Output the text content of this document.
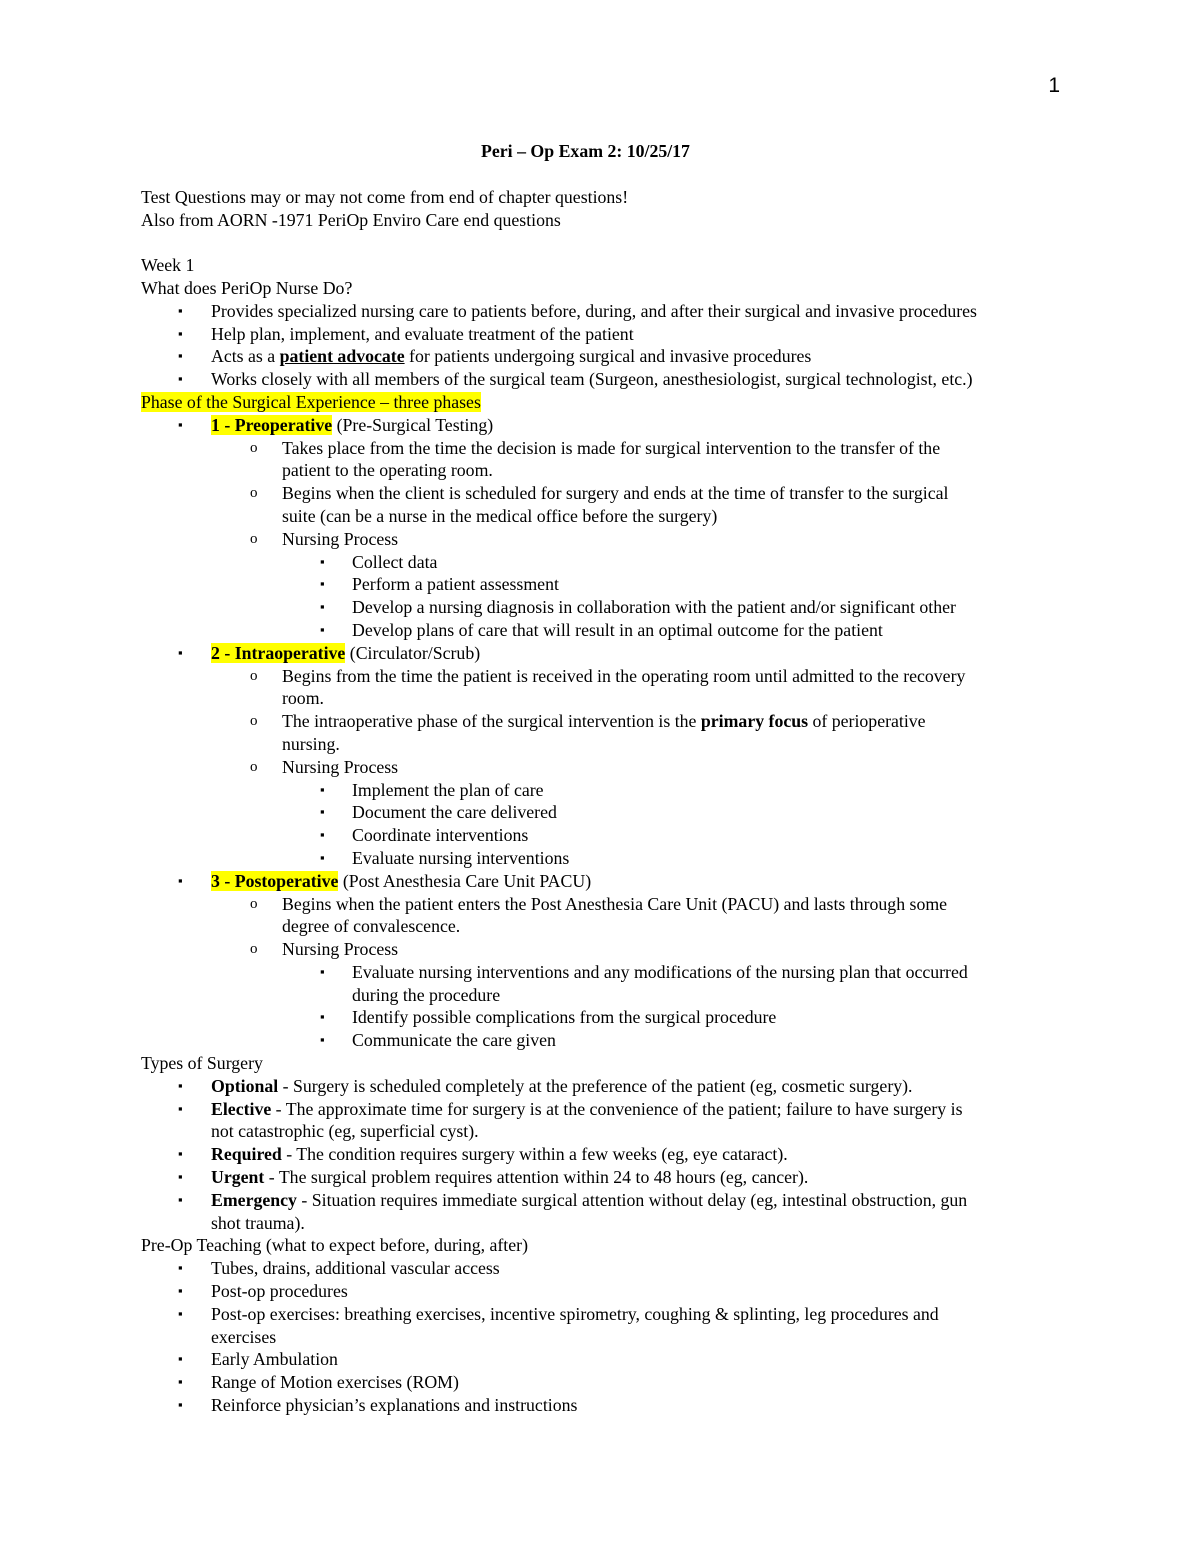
1
Peri – Op Exam 2: 10/25/17
Test Questions may or may not come from end of chapter questions!
Also from AORN -1971 PeriOp Enviro Care end questions
Week 1
What does PeriOp Nurse Do?
▪ Provides specialized nursing care to patients before, during, and after their surgical and invasive procedures
▪ Help plan, implement, and evaluate treatment of the patient
▪ Acts as a patient advocate for patients undergoing surgical and invasive procedures
▪ Works closely with all members of the surgical team (Surgeon, anesthesiologist, surgical technologist, etc.)
Phase of the Surgical Experience – three phases
▪ 1 - Preoperative (Pre-Surgical Testing)
o Takes place from the time the decision is made for surgical intervention to the transfer of the
patient to the operating room.
o Begins when the client is scheduled for surgery and ends at the time of transfer to the surgical
suite (can be a nurse in the medical office before the surgery)
o Nursing Process
▪ Collect data
▪ Perform a patient assessment
▪ Develop a nursing diagnosis in collaboration with the patient and/or significant other
▪ Develop plans of care that will result in an optimal outcome for the patient
▪ 2 - Intraoperative (Circulator/Scrub)
o Begins from the time the patient is received in the operating room until admitted to the recovery
room.
o The intraoperative phase of the surgical intervention is the primary focus of perioperative
nursing.
o Nursing Process
▪ Implement the plan of care
▪ Document the care delivered
▪ Coordinate interventions
▪ Evaluate nursing interventions
▪ 3 - Postoperative (Post Anesthesia Care Unit PACU)
o Begins when the patient enters the Post Anesthesia Care Unit (PACU) and lasts through some
degree of convalescence.
o Nursing Process
▪ Evaluate nursing interventions and any modifications of the nursing plan that occurred
during the procedure
▪ Identify possible complications from the surgical procedure
▪ Communicate the care given
Types of Surgery
▪ Optional - Surgery is scheduled completely at the preference of the patient (eg, cosmetic surgery).
▪ Elective - The approximate time for surgery is at the convenience of the patient; failure to have surgery is
not catastrophic (eg, superficial cyst).
▪ Required - The condition requires surgery within a few weeks (eg, eye cataract).
▪ Urgent - The surgical problem requires attention within 24 to 48 hours (eg, cancer).
▪ Emergency - Situation requires immediate surgical attention without delay (eg, intestinal obstruction, gun
shot trauma).
Pre-Op Teaching (what to expect before, during, after)
▪ Tubes, drains, additional vascular access
▪ Post-op procedures
▪ Post-op exercises: breathing exercises, incentive spirometry, coughing & splinting, leg procedures and
exercises
▪ Early Ambulation
▪ Range of Motion exercises (ROM)
▪ Reinforce physician’s explanations and instructions
